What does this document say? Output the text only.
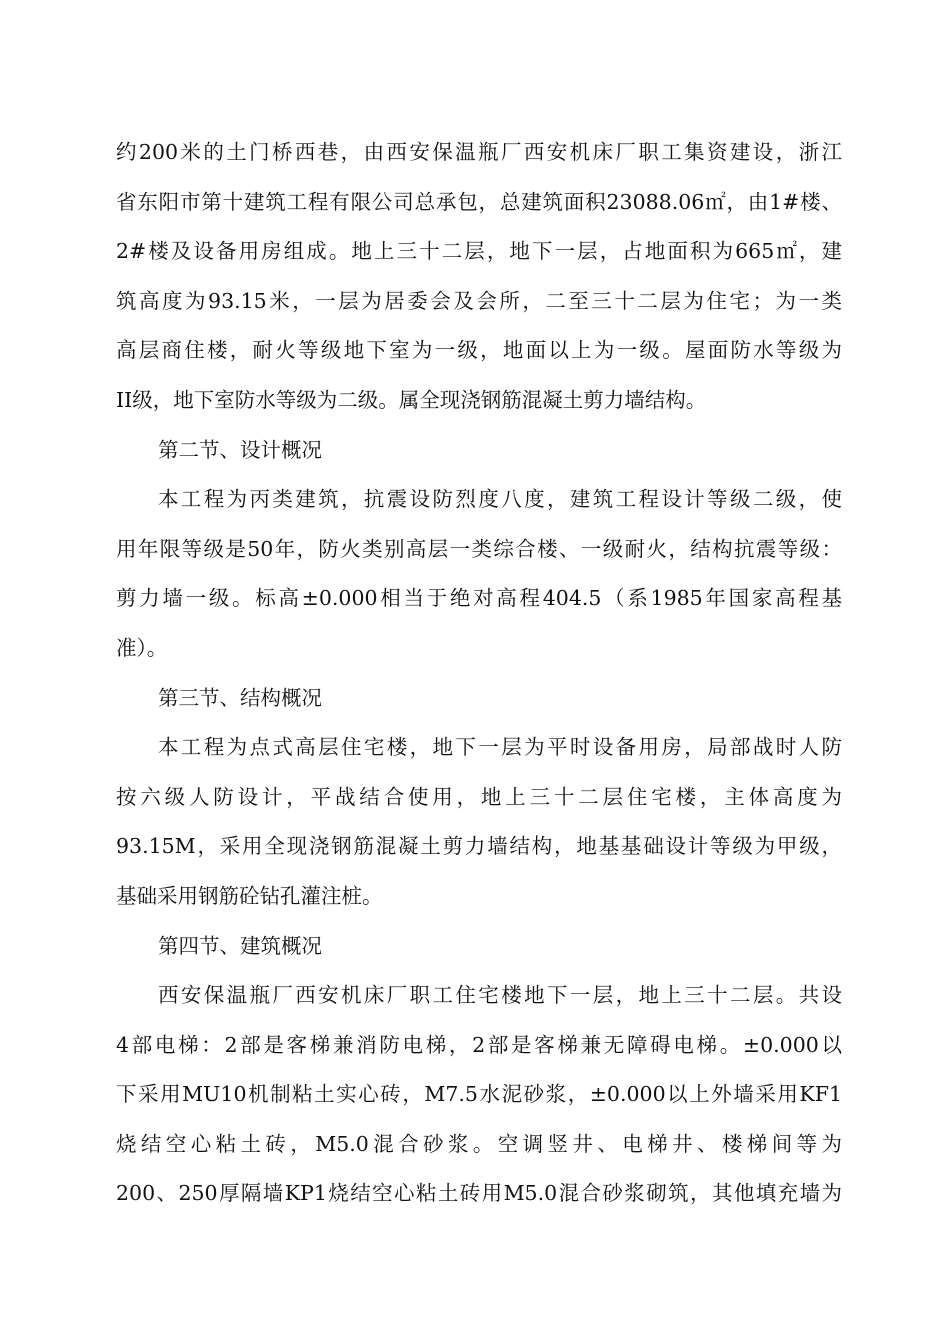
约200米的土门桥西巷，由西安保温瓶厂西安机床厂职工集资建设，浙江
省东阳市第十建筑工程有限公司总承包，总建筑面积23088.06㎡，由1#楼、
2#楼及设备用房组成。地上三十二层，地下一层，占地面积为665㎡，建
筑高度为93.15米，一层为居委会及会所，二至三十二层为住宅；为一类
高层商住楼，耐火等级地下室为一级，地面以上为一级。屋面防水等级为
II级，地下室防水等级为二级。属全现浇钢筋混凝土剪力墙结构。
第二节、设计概况
本工程为丙类建筑，抗震设防烈度八度，建筑工程设计等级二级，使
用年限等级是50年，防火类别高层一类综合楼、一级耐火，结构抗震等级：
剪力墙一级。标高±0.000相当于绝对高程404.5（系1985年国家高程基
准）。
第三节、结构概况
本工程为点式高层住宅楼，地下一层为平时设备用房，局部战时人防
按六级人防设计，平战结合使用，地上三十二层住宅楼，主体高度为
93.15M，采用全现浇钢筋混凝土剪力墙结构，地基基础设计等级为甲级，
基础采用钢筋砼钻孔灌注桩。
第四节、建筑概况
西安保温瓶厂西安机床厂职工住宅楼地下一层，地上三十二层。共设
4部电梯：2部是客梯兼消防电梯，2部是客梯兼无障碍电梯。±0.000以
下采用MU10机制粘土实心砖，M7.5水泥砂浆，±0.000以上外墙采用KF1
烧结空心粘土砖，M5.0混合砂浆。空调竖井、电梯井、楼梯间等为
200、250厚隔墙KP1烧结空心粘土砖用M5.0混合砂浆砌筑，其他填充墙为
